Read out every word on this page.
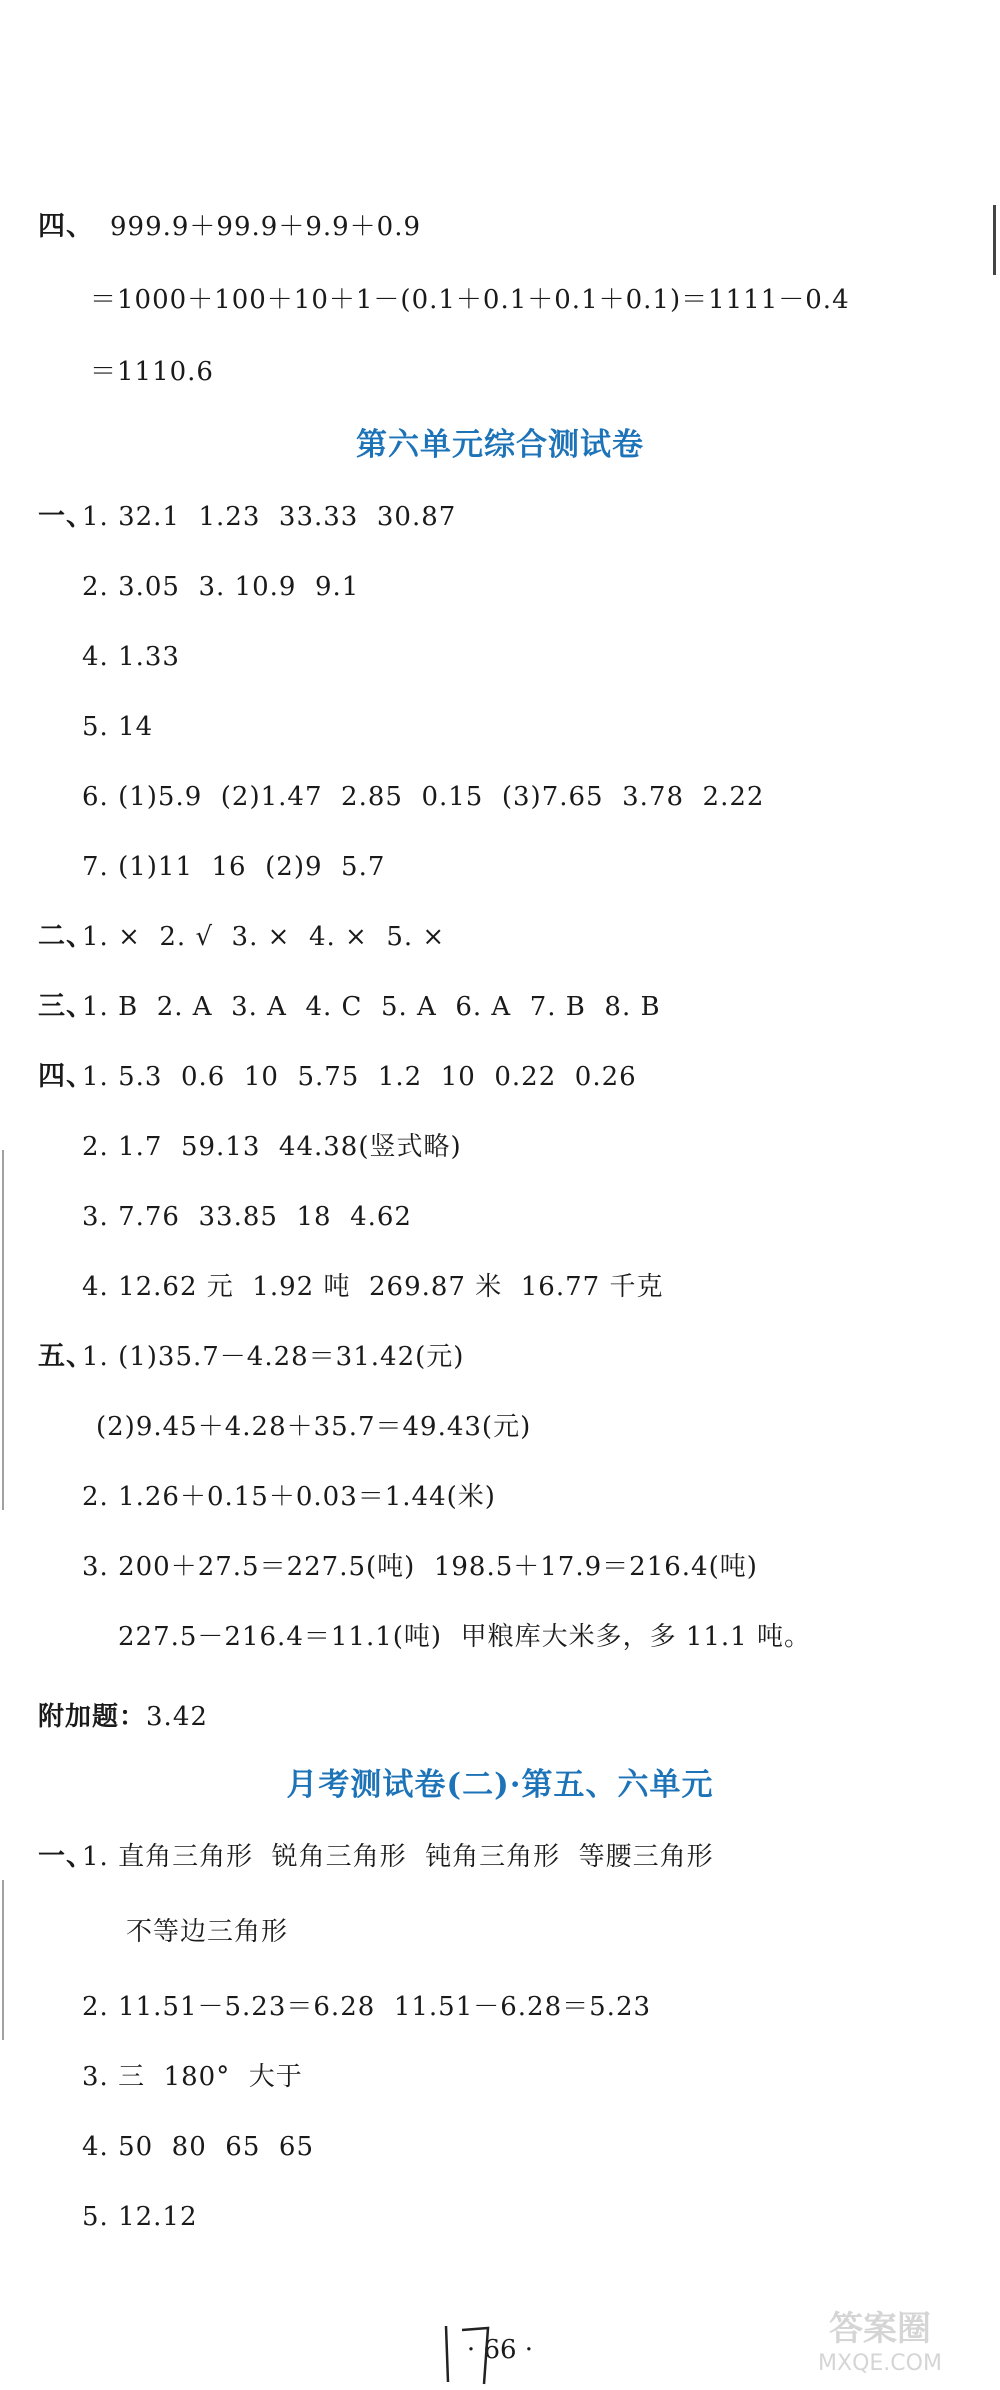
四、 999.9＋99.9＋9.9＋0.9
＝1000＋100＋10＋1－(0.1＋0.1＋0.1＋0.1)＝1111－0.4
＝1110.6
第六单元综合测试卷
一、
1. 32.1  1.23  33.33  30.87
2. 3.05  3. 10.9  9.1
4. 1.33
5. 14
6. (1)5.9  (2)1.47  2.85  0.15  (3)7.65  3.78  2.22
7. (1)11  16  (2)9  5.7
二、
1. ×  2. √  3. ×  4. ×  5. ×
三、
1. B  2. A  3. A  4. C  5. A  6. A  7. B  8. B
四、
1. 5.3  0.6  10  5.75  1.2  10  0.22  0.26
2. 1.7  59.13  44.38(竖式略)
3. 7.76  33.85  18  4.62
4. 12.62 元  1.92 吨  269.87 米  16.77 千克
五、
1. (1)35.7－4.28＝31.42(元)
(2)9.45＋4.28＋35.7＝49.43(元)
2. 1.26＋0.15＋0.03＝1.44(米)
3. 200＋27.5＝227.5(吨)  198.5＋17.9＝216.4(吨)
227.5－216.4＝11.1(吨)  甲粮库大米多，多 11.1 吨。
附加题：3.42
月考测试卷(二)·第五、六单元
一、
1. 直角三角形  锐角三角形  钝角三角形  等腰三角形
不等边三角形
2. 11.51－5.23＝6.28  11.51－6.28＝5.23
3. 三  180°  大于
4. 50  80  65  65
5. 12.12
· 66 ·
答案圈
MXQE.COM
